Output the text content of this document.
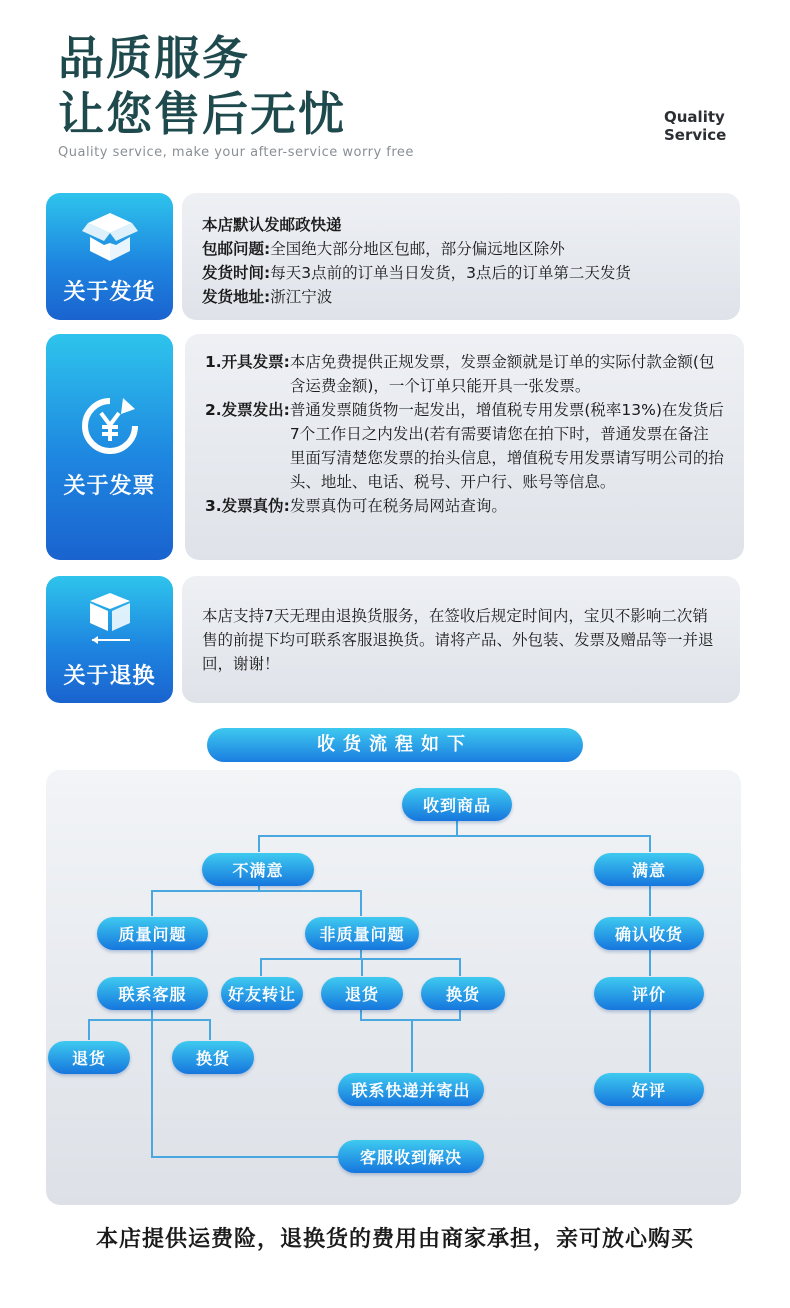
品质服务
让您售后无忧
Quality service, make your after-service worry free
Quality
Service
关于发货
本店默认发邮政快递
包邮问题: 全国绝大部分地区包邮，部分偏远地区除外
发货时间: 每天3点前的订单当日发货，3点后的订单第二天发货
发货地址: 浙江宁波
关于发票
1.开具发票: 本店免费提供正规发票，发票金额就是订单的实际付款金额(包含运费金额)，一个订单只能开具一张发票。
2.发票发出: 普通发票随货物一起发出，增值税专用发票(税率13%)在发货后7个工作日之内发出(若有需要请您在拍下时，普通发票在备注里面写清楚您发票的抬头信息，增值税专用发票请写明公司的抬头、地址、电话、税号、开户行、账号等信息。
3.发票真伪: 发票真伪可在税务局网站查询。
关于退换
本店支持7天无理由退换货服务，在签收后规定时间内，宝贝不影响二次销售的前提下均可联系客服退换货。请将产品、外包装、发票及赠品等一并退回，谢谢！
收货流程如下
收到商品
不满意	满意
质量问题	非质量问题	确认收货
联系客服	好友转让	退货	换货	评价
退货	换货
联系快递并寄出	好评
客服收到解决
本店提供运费险，退换货的费用由商家承担，亲可放心购买
